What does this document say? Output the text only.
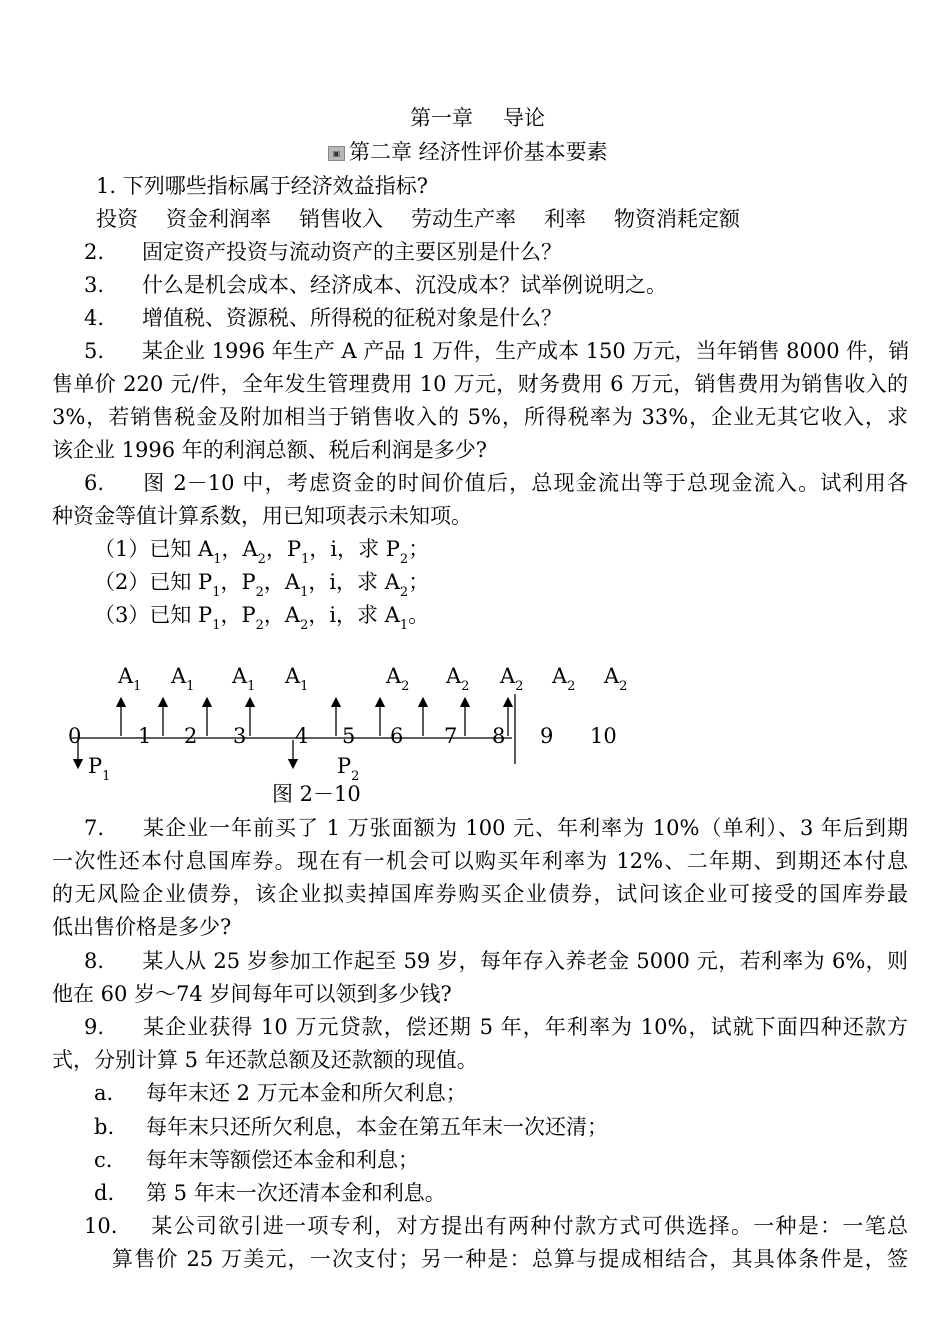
第一章 导论
▣ 第二章 经济性评价基本要素
1. 下列哪些指标属于经济效益指标?
投资 资金利润率 销售收入 劳动生产率 利率 物资消耗定额
2. 固定资产投资与流动资产的主要区别是什么？
3. 什么是机会成本、经济成本、沉没成本？试举例说明之。
4. 增值税、资源税、所得税的征税对象是什么？
5. 某企业 1996 年生产 A 产品 1 万件，生产成本 150 万元，当年销售 8000 件，销
售单价 220 元/件，全年发生管理费用 10 万元，财务费用 6 万元，销售费用为销售收入的
3%，若销售税金及附加相当于销售收入的 5%，所得税率为 33%，企业无其它收入，求
该企业 1996 年的利润总额、税后利润是多少?
6. 图 2－10 中，考虑资金的时间价值后，总现金流出等于总现金流入。试利用各
种资金等值计算系数，用已知项表示未知项。
（1）已知 $A_1$，$A_2$，$P_1$，i，求 $P_2$；
（2）已知 $P_1$，$P_2$，$A_1$，i，求 $A_2$；
（3）已知 $P_1$，$P_2$，$A_2$，i，求 $A_1$。
$A_1$ $A_1$ $A_1$ $A_1$	$A_2$ $A_2$ $A_2$ $A_2$ $A_2$
0	1 2 3 4 5 6 7 8 9 10
$P_1$	$P_2$
图 2－10
7. 某企业一年前买了 1 万张面额为 100 元、年利率为 10%（单利）、3 年后到期
一次性还本付息国库券。现在有一机会可以购买年利率为 12%、二年期、到期还本付息
的无风险企业债券，该企业拟卖掉国库券购买企业债券，试问该企业可接受的国库券最
低出售价格是多少?
8. 某人从 25 岁参加工作起至 59 岁，每年存入养老金 5000 元，若利率为 6%，则
他在 60 岁～74 岁间每年可以领到多少钱?
9. 某企业获得 10 万元贷款，偿还期 5 年，年利率为 10%，试就下面四种还款方
式，分别计算 5 年还款总额及还款额的现值。
a. 每年末还 2 万元本金和所欠利息；
b. 每年末只还所欠利息，本金在第五年末一次还清；
c. 每年末等额偿还本金和利息；
d. 第 5 年末一次还清本金和利息。
10. 某公司欲引进一项专利，对方提出有两种付款方式可供选择。一种是：一笔总
算售价 25 万美元，一次支付；另一种是：总算与提成相结合，其具体条件是，签
